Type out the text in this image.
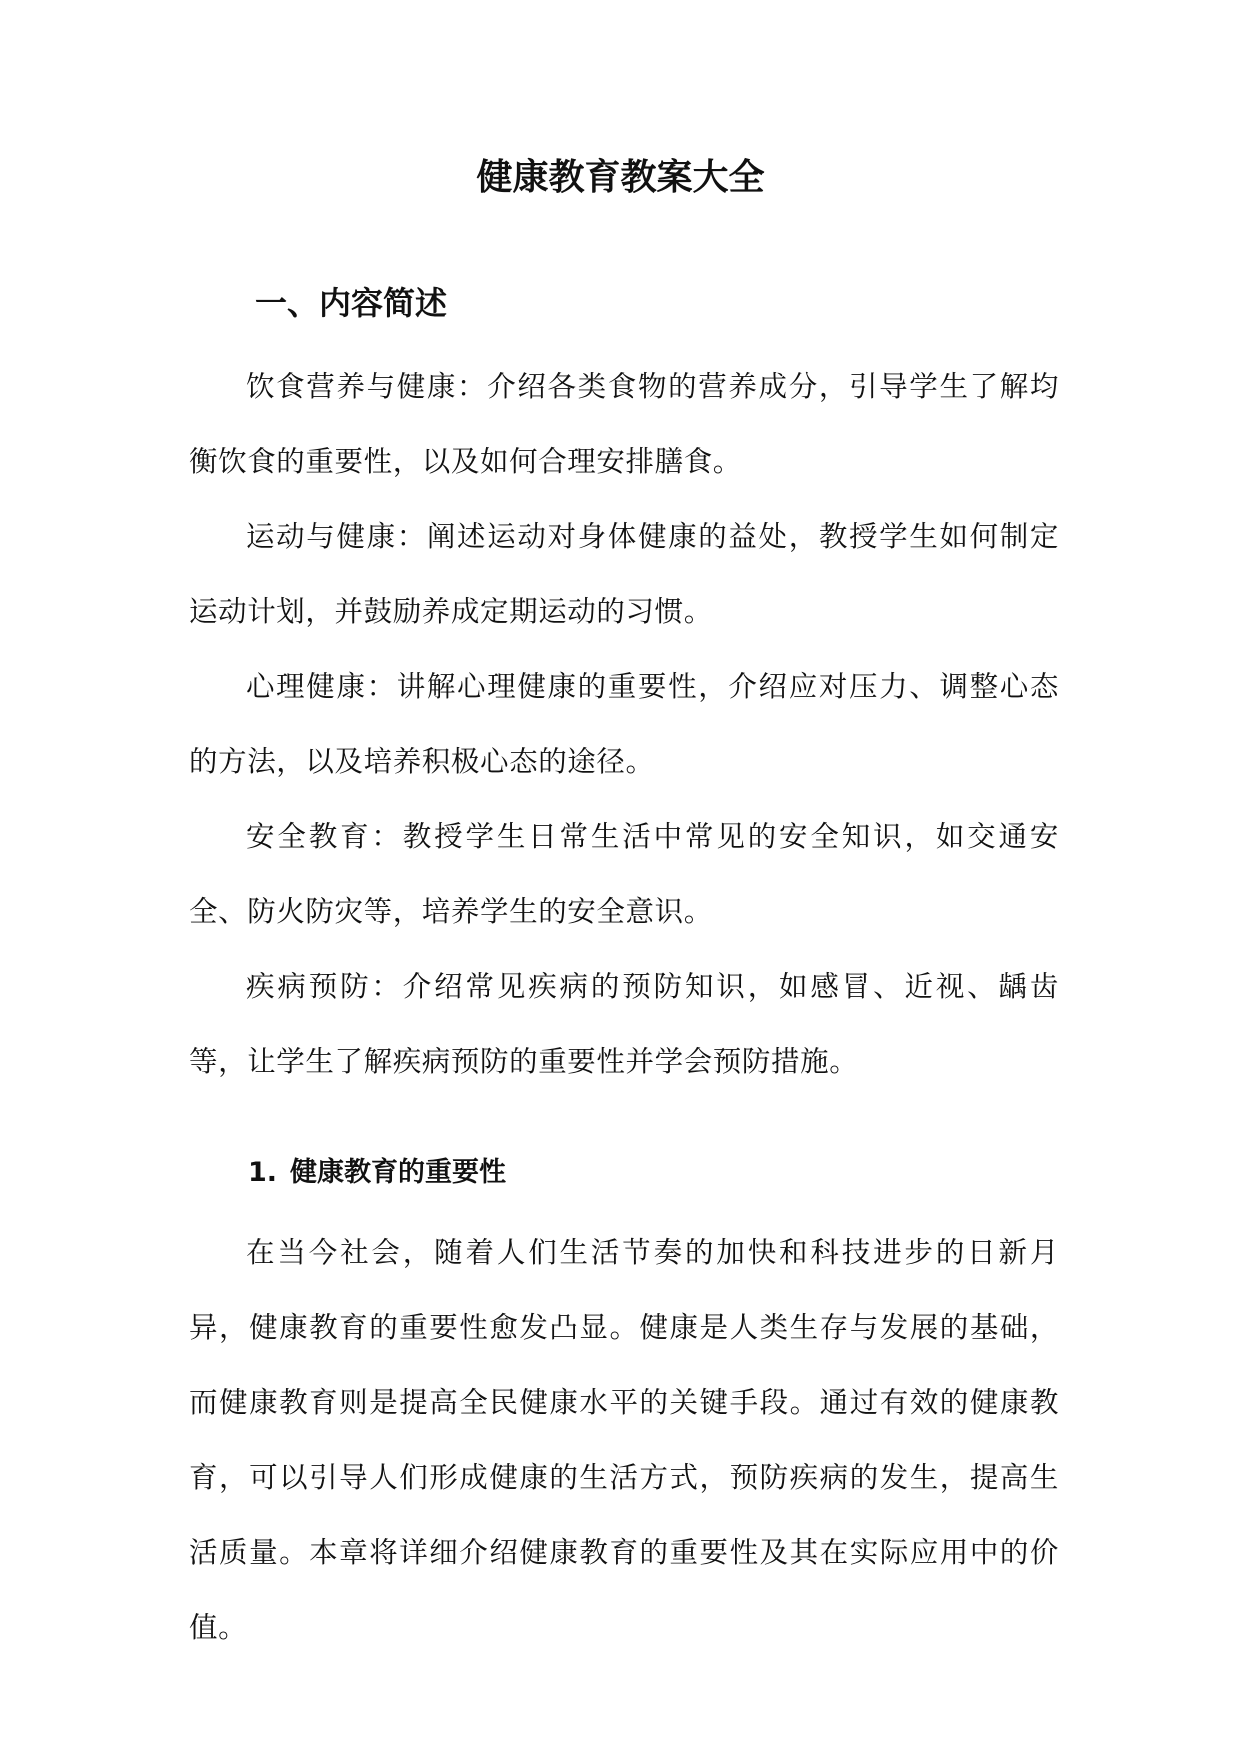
健康教育教案大全
一、内容简述

饮食营养与健康：介绍各类食物的营养成分，引导学生了解均衡饮食的重要性，以及如何合理安排膳食。

运动与健康：阐述运动对身体健康的益处，教授学生如何制定运动计划，并鼓励养成定期运动的习惯。

心理健康：讲解心理健康的重要性，介绍应对压力、调整心态的方法，以及培养积极心态的途径。

安全教育：教授学生日常生活中常见的安全知识，如交通安全、防火防灾等，培养学生的安全意识。

疾病预防：介绍常见疾病的预防知识，如感冒、近视、龋齿等，让学生了解疾病预防的重要性并学会预防措施。

1. 健康教育的重要性

在当今社会，随着人们生活节奏的加快和科技进步的日新月异，健康教育的重要性愈发凸显。健康是人类生存与发展的基础，而健康教育则是提高全民健康水平的关键手段。通过有效的健康教育，可以引导人们形成健康的生活方式，预防疾病的发生，提高生活质量。本章将详细介绍健康教育的重要性及其在实际应用中的价值。
